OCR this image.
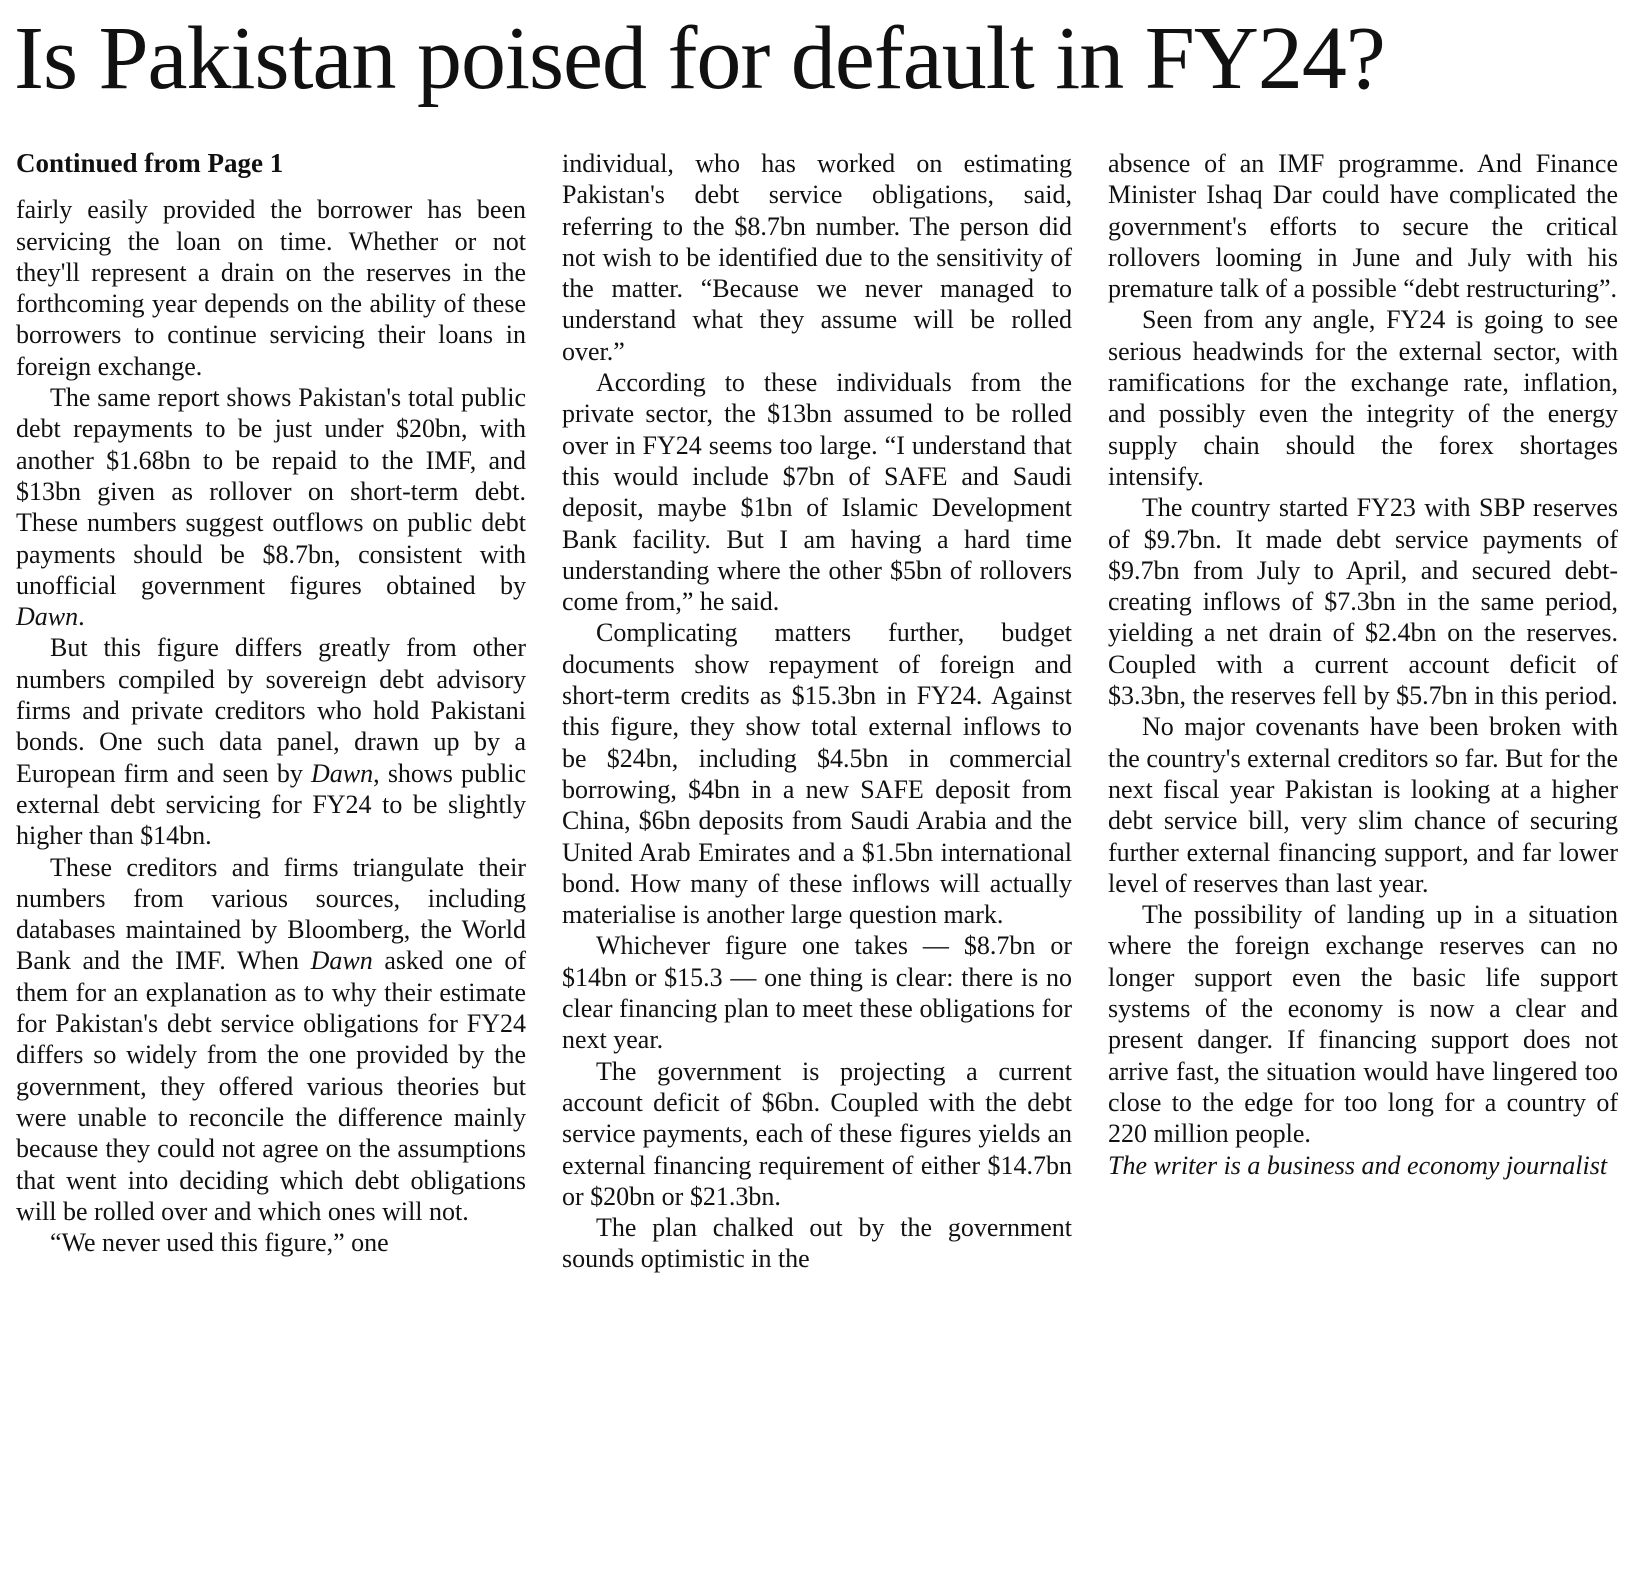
Is Pakistan poised for default in FY24?
Continued from Page 1

fairly easily provided the borrower has been servicing the loan on time. Whether or not they'll represent a drain on the reserves in the forthcoming year depends on the ability of these borrowers to continue servicing their loans in foreign exchange.

The same report shows Pakistan's total public debt repayments to be just under $20bn, with another $1.68bn to be repaid to the IMF, and $13bn given as rollover on short-term debt. These numbers suggest outflows on public debt payments should be $8.7bn, consistent with unofficial government figures obtained by Dawn.

But this figure differs greatly from other numbers compiled by sovereign debt advisory firms and private creditors who hold Pakistani bonds. One such data panel, drawn up by a European firm and seen by Dawn, shows public external debt servicing for FY24 to be slightly higher than $14bn.

These creditors and firms triangulate their numbers from various sources, including databases maintained by Bloomberg, the World Bank and the IMF. When Dawn asked one of them for an explanation as to why their estimate for Pakistan's debt service obligations for FY24 differs so widely from the one provided by the government, they offered various theories but were unable to reconcile the difference mainly because they could not agree on the assumptions that went into deciding which debt obligations will be rolled over and which ones will not.

“We never used this figure,” one

individual, who has worked on estimating Pakistan's debt service obligations, said, referring to the $8.7bn number. The person did not wish to be identified due to the sensitivity of the matter. “Because we never managed to understand what they assume will be rolled over.”

According to these individuals from the private sector, the $13bn assumed to be rolled over in FY24 seems too large. “I understand that this would include $7bn of SAFE and Saudi deposit, maybe $1bn of Islamic Development Bank facility. But I am having a hard time understanding where the other $5bn of rollovers come from,” he said.

Complicating matters further, budget documents show repayment of foreign and short-term credits as $15.3bn in FY24. Against this figure, they show total external inflows to be $24bn, including $4.5bn in commercial borrowing, $4bn in a new SAFE deposit from China, $6bn deposits from Saudi Arabia and the United Arab Emirates and a $1.5bn international bond. How many of these inflows will actually materialise is another large question mark.

Whichever figure one takes — $8.7bn or $14bn or $15.3 — one thing is clear: there is no clear financing plan to meet these obligations for next year.

The government is projecting a current account deficit of $6bn. Coupled with the debt service payments, each of these figures yields an external financing requirement of either $14.7bn or $20bn or $21.3bn.

The plan chalked out by the government sounds optimistic in the

absence of an IMF programme. And Finance Minister Ishaq Dar could have complicated the government's efforts to secure the critical rollovers looming in June and July with his premature talk of a possible “debt restructuring”.

Seen from any angle, FY24 is going to see serious headwinds for the external sector, with ramifications for the exchange rate, inflation, and possibly even the integrity of the energy supply chain should the forex shortages intensify.

The country started FY23 with SBP reserves of $9.7bn. It made debt service payments of $9.7bn from July to April, and secured debt-creating inflows of $7.3bn in the same period, yielding a net drain of $2.4bn on the reserves. Coupled with a current account deficit of $3.3bn, the reserves fell by $5.7bn in this period.

No major covenants have been broken with the country's external creditors so far. But for the next fiscal year Pakistan is looking at a higher debt service bill, very slim chance of securing further external financing support, and far lower level of reserves than last year.

The possibility of landing up in a situation where the foreign exchange reserves can no longer support even the basic life support systems of the economy is now a clear and present danger. If financing support does not arrive fast, the situation would have lingered too close to the edge for too long for a country of 220 million people.

The writer is a business and economy journalist
